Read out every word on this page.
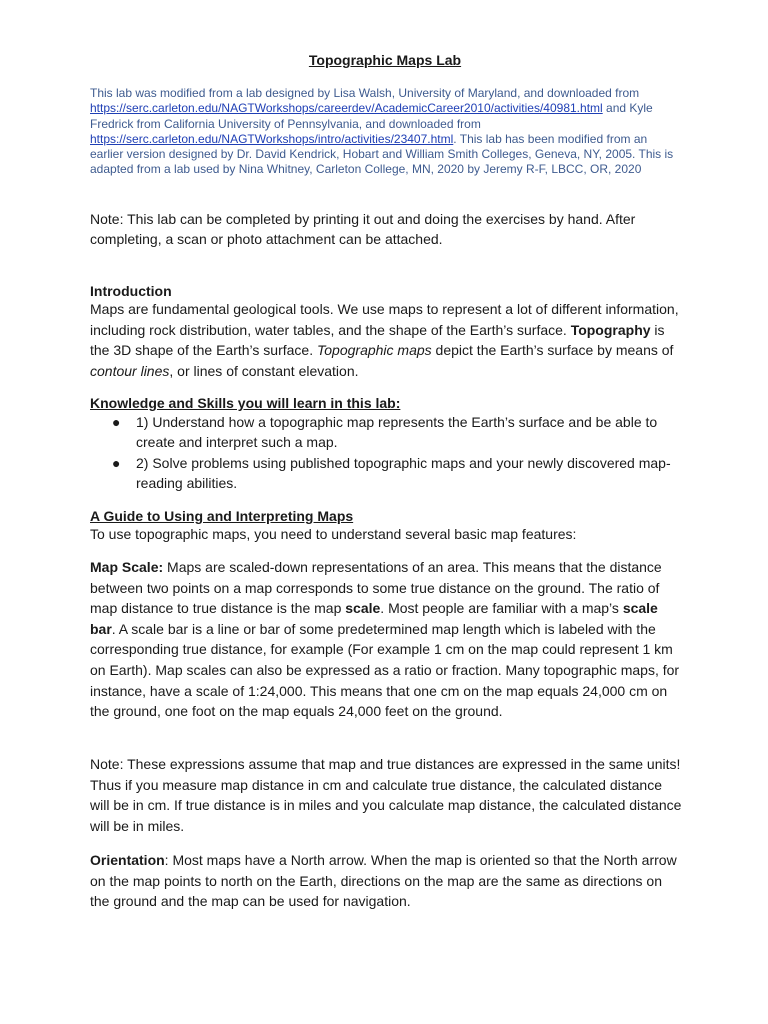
Topographic Maps Lab

This lab was modified from a lab designed by Lisa Walsh, University of Maryland, and downloaded from https://serc.carleton.edu/NAGTWorkshops/careerdev/AcademicCareer2010/activities/40981.html and Kyle Fredrick from California University of Pennsylvania, and downloaded from https://serc.carleton.edu/NAGTWorkshops/intro/activities/23407.html. This lab has been modified from an earlier version designed by Dr. David Kendrick, Hobart and William Smith Colleges, Geneva, NY, 2005. This is adapted from a lab used by Nina Whitney, Carleton College, MN, 2020 by Jeremy R-F, LBCC, OR, 2020

Note: This lab can be completed by printing it out and doing the exercises by hand. After completing, a scan or photo attachment can be attached.

Introduction

Maps are fundamental geological tools. We use maps to represent a lot of different information, including rock distribution, water tables, and the shape of the Earth’s surface. Topography is the 3D shape of the Earth’s surface. Topographic maps depict the Earth’s surface by means of contour lines, or lines of constant elevation.

Knowledge and Skills you will learn in this lab:
● 1) Understand how a topographic map represents the Earth’s surface and be able to create and interpret such a map.
● 2) Solve problems using published topographic maps and your newly discovered map-reading abilities.
A Guide to Using and Interpreting Maps

To use topographic maps, you need to understand several basic map features:

Map Scale: Maps are scaled-down representations of an area. This means that the distance between two points on a map corresponds to some true distance on the ground. The ratio of map distance to true distance is the map scale. Most people are familiar with a map’s scale bar. A scale bar is a line or bar of some predetermined map length which is labeled with the corresponding true distance, for example (For example 1 cm on the map could represent 1 km on Earth). Map scales can also be expressed as a ratio or fraction. Many topographic maps, for instance, have a scale of 1:24,000. This means that one cm on the map equals 24,000 cm on the ground, one foot on the map equals 24,000 feet on the ground.

Note: These expressions assume that map and true distances are expressed in the same units! Thus if you measure map distance in cm and calculate true distance, the calculated distance will be in cm. If true distance is in miles and you calculate map distance, the calculated distance will be in miles.

Orientation: Most maps have a North arrow. When the map is oriented so that the North arrow on the map points to north on the Earth, directions on the map are the same as directions on the ground and the map can be used for navigation.
